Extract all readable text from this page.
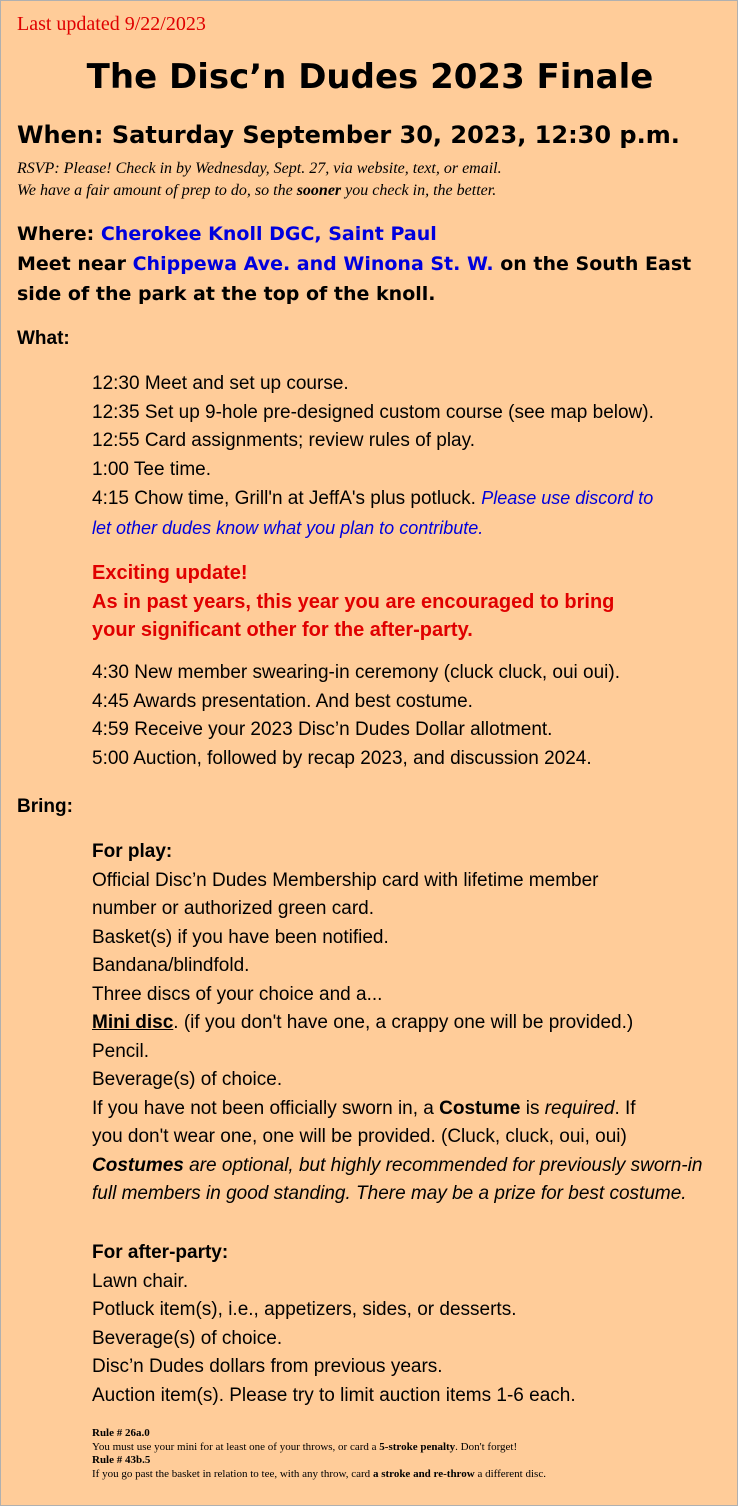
Last updated 9/22/2023
The Disc’n Dudes 2023 Finale
When: Saturday September 30, 2023, 12:30 p.m.
RSVP: Please! Check in by Wednesday, Sept. 27, via website, text, or email.
We have a fair amount of prep to do, so the sooner you check in, the better.
Where: Cherokee Knoll DGC, Saint Paul
Meet near Chippewa Ave. and Winona St. W. on the South East
side of the park at the top of the knoll.
What:
12:30 Meet and set up course.
12:35 Set up 9-hole pre-designed custom course (see map below).
12:55 Card assignments; review rules of play.
1:00 Tee time.
4:15 Chow time, Grill'n at JeffA's plus potluck. Please use discord to
let other dudes know what you plan to contribute.
Exciting update!
As in past years, this year you are encouraged to bring
your significant other for the after-party.
4:30 New member swearing-in ceremony (cluck cluck, oui oui).
4:45 Awards presentation. And best costume.
4:59 Receive your 2023 Disc’n Dudes Dollar allotment.
5:00 Auction, followed by recap 2023, and discussion 2024.
Bring:
For play:
Official Disc’n Dudes Membership card with lifetime member
number or authorized green card.
Basket(s) if you have been notified.
Bandana/blindfold.
Three discs of your choice and a...
Mini disc. (if you don't have one, a crappy one will be provided.)
Pencil.
Beverage(s) of choice.
If you have not been officially sworn in, a Costume is required. If
you don't wear one, one will be provided. (Cluck, cluck, oui, oui)
Costumes are optional, but highly recommended for previously sworn-in
full members in good standing. There may be a prize for best costume.
For after-party:
Lawn chair.
Potluck item(s), i.e., appetizers, sides, or desserts.
Beverage(s) of choice.
Disc’n Dudes dollars from previous years.
Auction item(s). Please try to limit auction items 1-6 each.
Rule # 26a.0
You must use your mini for at least one of your throws, or card a 5-stroke penalty. Don't forget!
Rule # 43b.5
If you go past the basket in relation to tee, with any throw, card a stroke and re-throw a different disc.
